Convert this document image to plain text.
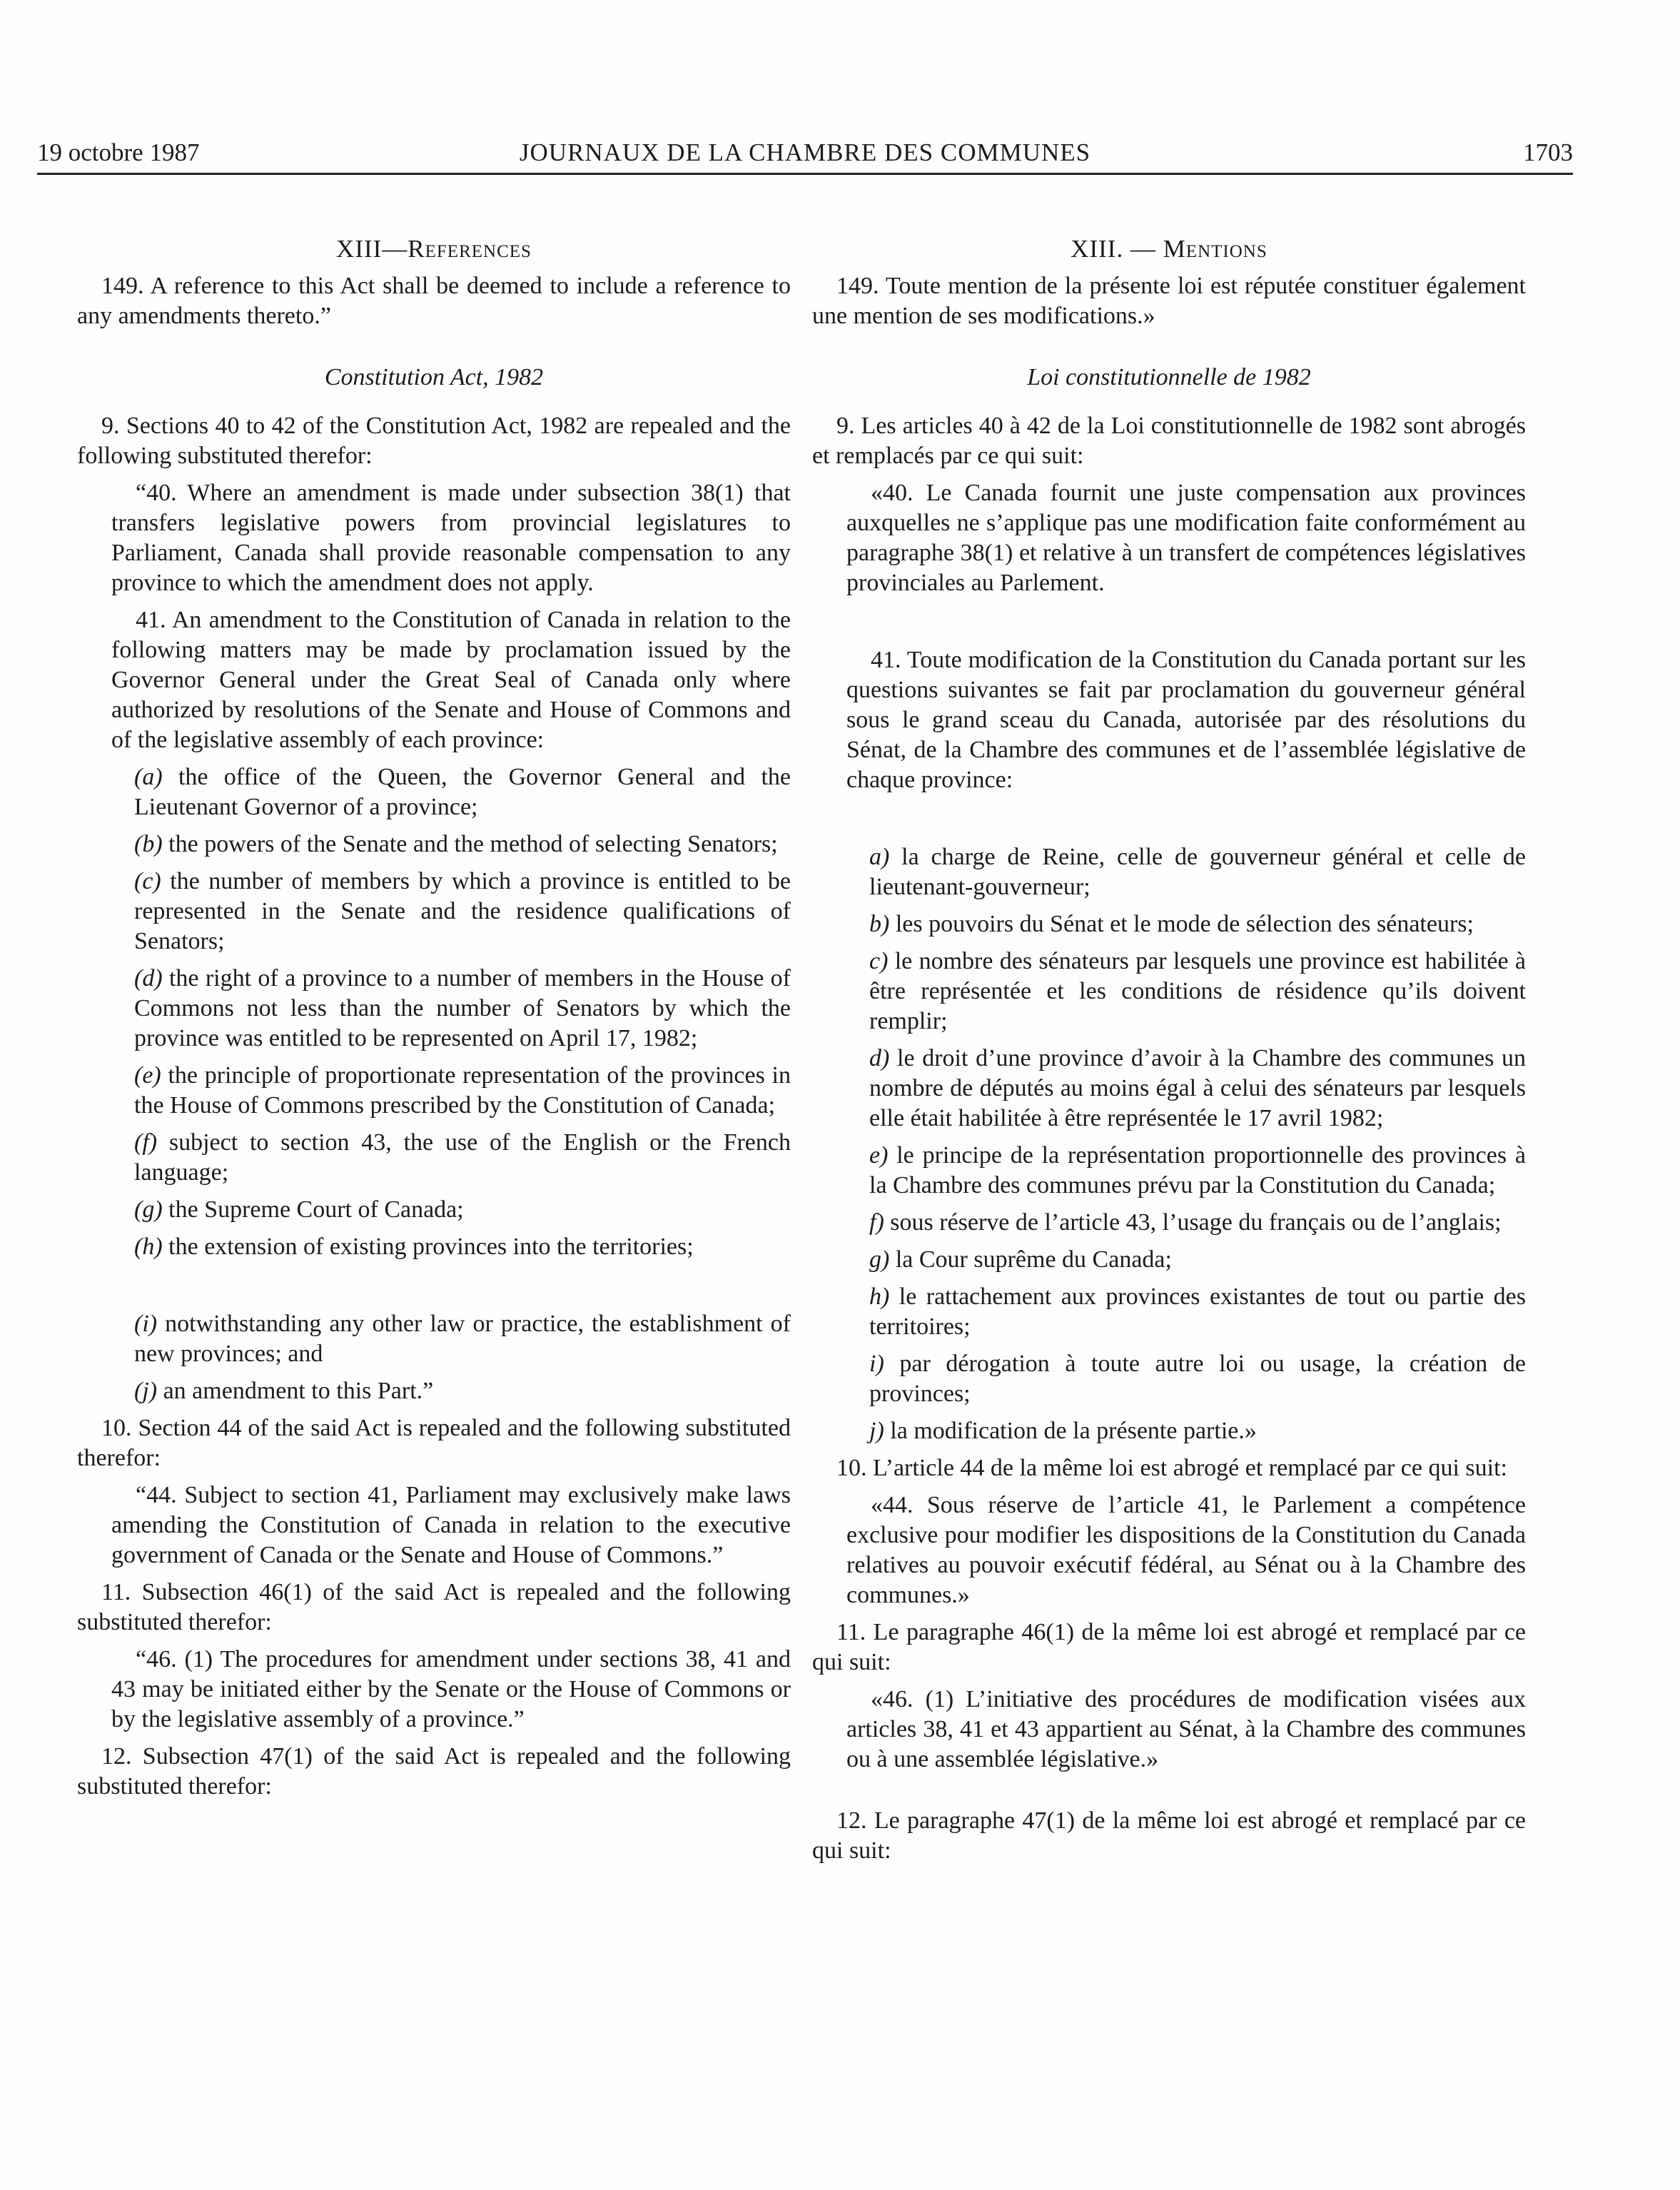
19 octobre 1987	JOURNAUX DE LA CHAMBRE DES COMMUNES	1703

XIII—References

149. A reference to this Act shall be deemed to include a reference to any amendments thereto.”

Constitution Act, 1982

9. Sections 40 to 42 of the Constitution Act, 1982 are repealed and the following substituted therefor:

“40. Where an amendment is made under subsection 38(1) that transfers legislative powers from provincial legislatures to Parliament, Canada shall provide reasonable compensation to any province to which the amendment does not apply.

41. An amendment to the Constitution of Canada in relation to the following matters may be made by proclamation issued by the Governor General under the Great Seal of Canada only where authorized by resolutions of the Senate and House of Commons and of the legislative assembly of each province:

(a) the office of the Queen, the Governor General and the Lieutenant Governor of a province;

(b) the powers of the Senate and the method of selecting Senators;

(c) the number of members by which a province is entitled to be represented in the Senate and the residence qualifications of Senators;

(d) the right of a province to a number of members in the House of Commons not less than the number of Senators by which the province was entitled to be represented on April 17, 1982;

(e) the principle of proportionate representation of the provinces in the House of Commons prescribed by the Constitution of Canada;

(f) subject to section 43, the use of the English or the French language;

(g) the Supreme Court of Canada;

(h) the extension of existing provinces into the territories;

(i) notwithstanding any other law or practice, the establishment of new provinces; and

(j) an amendment to this Part.”

10. Section 44 of the said Act is repealed and the following substituted therefor:

“44. Subject to section 41, Parliament may exclusively make laws amending the Constitution of Canada in relation to the executive government of Canada or the Senate and House of Commons.”

11. Subsection 46(1) of the said Act is repealed and the following substituted therefor:

“46. (1) The procedures for amendment under sections 38, 41 and 43 may be initiated either by the Senate or the House of Commons or by the legislative assembly of a province.”

12. Subsection 47(1) of the said Act is repealed and the following substituted therefor:

XIII. — Mentions

149. Toute mention de la présente loi est réputée constituer également une mention de ses modifications.»

Loi constitutionnelle de 1982

9. Les articles 40 à 42 de la Loi constitutionnelle de 1982 sont abrogés et remplacés par ce qui suit:

«40. Le Canada fournit une juste compensation aux provinces auxquelles ne s’applique pas une modification faite conformément au paragraphe 38(1) et relative à un transfert de compétences législatives provinciales au Parlement.

41. Toute modification de la Constitution du Canada portant sur les questions suivantes se fait par proclamation du gouverneur général sous le grand sceau du Canada, autorisée par des résolutions du Sénat, de la Chambre des communes et de l’assemblée législative de chaque province:

a) la charge de Reine, celle de gouverneur général et celle de lieutenant-gouverneur;

b) les pouvoirs du Sénat et le mode de sélection des sénateurs;

c) le nombre des sénateurs par lesquels une province est habilitée à être représentée et les conditions de résidence qu’ils doivent remplir;

d) le droit d’une province d’avoir à la Chambre des communes un nombre de députés au moins égal à celui des sénateurs par lesquels elle était habilitée à être représentée le 17 avril 1982;

e) le principe de la représentation proportionnelle des provinces à la Chambre des communes prévu par la Constitution du Canada;

f) sous réserve de l’article 43, l’usage du français ou de l’anglais;

g) la Cour suprême du Canada;

h) le rattachement aux provinces existantes de tout ou partie des territoires;

i) par dérogation à toute autre loi ou usage, la création de provinces;

j) la modification de la présente partie.»

10. L’article 44 de la même loi est abrogé et remplacé par ce qui suit:

«44. Sous réserve de l’article 41, le Parlement a compétence exclusive pour modifier les dispositions de la Constitution du Canada relatives au pouvoir exécutif fédéral, au Sénat ou à la Chambre des communes.»

11. Le paragraphe 46(1) de la même loi est abrogé et remplacé par ce qui suit:

«46. (1) L’initiative des procédures de modification visées aux articles 38, 41 et 43 appartient au Sénat, à la Chambre des communes ou à une assemblée législative.»

12. Le paragraphe 47(1) de la même loi est abrogé et remplacé par ce qui suit:
